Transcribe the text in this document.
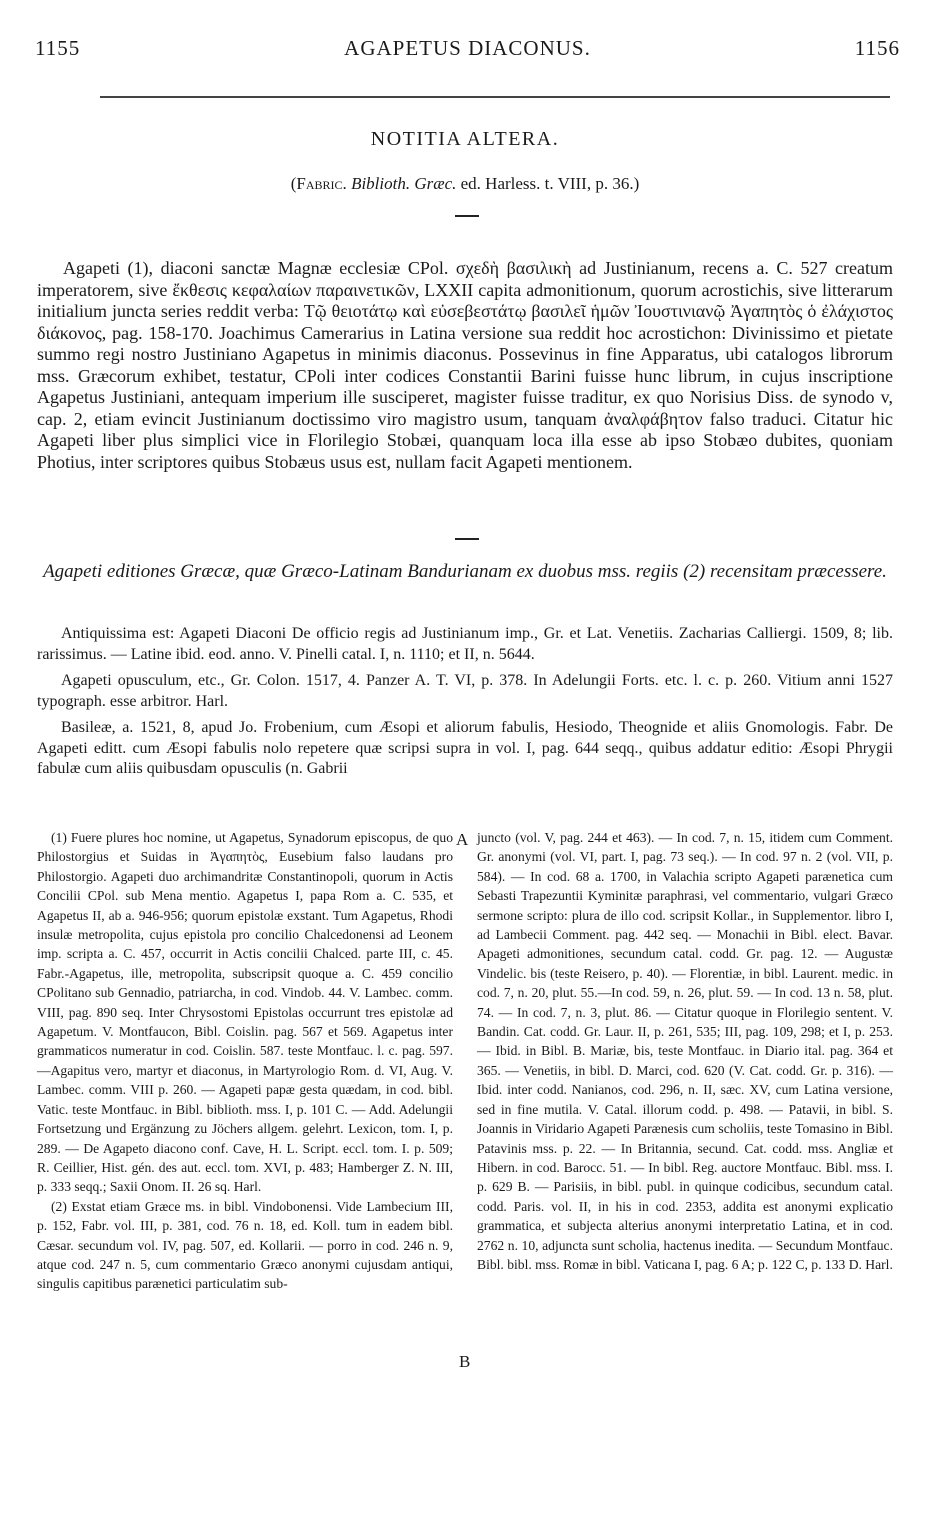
1155	AGAPETUS DIACONUS.	1156
NOTITIA ALTERA.
(Fabric. Biblioth. Græc. ed. Harless. t. VIII, p. 36.)

Agapeti (1), diaconi sanctæ Magnæ ecclesiæ CPol. σχεδὴ βασιλικὴ ad Justinianum, recens a. C. 527 creatum imperatorem, sive ἔκθεσις κεφαλαίων παραινετικῶν, LXXII capita admonitionum, quorum acrostichis, sive litterarum initialium juncta series reddit verba: Τῷ θειοτάτῳ καὶ εὐσεβεστάτῳ βασιλεῖ ἡμῶν Ἰουστινιανῷ Ἀγαπητὸς ὁ ἐλάχιστος διάκονος, pag. 158-170. Joachimus Camerarius in Latina versione sua reddit hoc acrostichon: Divinissimo et pietate summo regi nostro Justiniano Agapetus in minimis diaconus. Possevinus in fine Apparatus, ubi catalogos librorum mss. Græcorum exhibet, testatur, CPoli inter codices Constantii Barini fuisse hunc librum, in cujus inscriptione Agapetus Justiniani, antequam imperium ille susciperet, magister fuisse traditur, ex quo Norisius Diss. de synodo v, cap. 2, etiam evincit Justinianum doctissimo viro magistro usum, tanquam ἀναλφάβητον falso traduci. Citatur hic Agapeti liber plus simplici vice in Florilegio Stobæi, quanquam loca illa esse ab ipso Stobæo dubites, quoniam Photius, inter scriptores quibus Stobæus usus est, nullam facit Agapeti mentionem.

Agapeti editiones Græcæ, quæ Græco-Latinam Bandurianam ex duobus mss. regiis (2) recensitam præcessere.

Antiquissima est: Agapeti Diaconi De officio regis ad Justinianum imp., Gr. et Lat. Venetiis. Zacharias Calliergi. 1509, 8; lib. rarissimus. — Latine ibid. eod. anno. V. Pinelli catal. I, n. 1110; et II, n. 5644.

Agapeti opusculum, etc., Gr. Colon. 1517, 4. Panzer A. T. VI, p. 378. In Adelungii Forts. etc. l. c. p. 260. Vitium anni 1527 typograph. esse arbitror. Harl.

Basileæ, a. 1521, 8, apud Jo. Frobenium, cum Æsopi et aliorum fabulis, Hesiodo, Theognide et aliis Gnomologis. Fabr. De Agapeti editt. cum Æsopi fabulis nolo repetere quæ scripsi supra in vol. I, pag. 644 seqq., quibus addatur editio: Æsopi Phrygii fabulæ cum aliis quibusdam opusculis (n. Gabrii

(1) Fuere plures hoc nomine, ut Agapetus, Synadorum episcopus, de quo Philostorgius et Suidas in Ἀγαπητὸς, Eusebium falso laudans pro Philostorgio. Agapeti duo archimandritæ Constantinopoli, quorum in Actis Concilii CPol. sub Mena mentio. Agapetus I, papa Rom a. C. 535, et Agapetus II, ab a. 946-956; quorum epistolæ exstant. Tum Agapetus, Rhodi insulæ metropolita, cujus epistola pro concilio Chalcedonensi ad Leonem imp. scripta a. C. 457, occurrit in Actis concilii Chalced. parte III, c. 45. Fabr.-Agapetus, ille, metropolita, subscripsit quoque a. C. 459 concilio CPolitano sub Gennadio, patriarcha, in cod. Vindob. 44. V. Lambec. comm. VIII, pag. 890 seq. Inter Chrysostomi Epistolas occurrunt tres epistolæ ad Agapetum. V. Montfaucon, Bibl. Coislin. pag. 567 et 569. Agapetus inter grammaticos numeratur in cod. Coislin. 587. teste Montfauc. l. c. pag. 597.—Agapitus vero, martyr et diaconus, in Martyrologio Rom. d. VI, Aug. V. Lambec. comm. VIII p. 260. — Agapeti papæ gesta quædam, in cod. bibl. Vatic. teste Montfauc. in Bibl. biblioth. mss. I, p. 101 C. — Add. Adelungii Fortsetzung und Ergänzung zu Jöchers allgem. gelehrt. Lexicon, tom. I, p. 289. — De Agapeto diacono conf. Cave, H. L. Script. eccl. tom. I. p. 509; R. Ceillier, Hist. gén. des aut. eccl. tom. XVI, p. 483; Hamberger Z. N. III, p. 333 seqq.; Saxii Onom. II. 26 sq. Harl.

(2) Exstat etiam Græce ms. in bibl. Vindobonensi. Vide Lambecium III, p. 152, Fabr. vol. III, p. 381, cod. 76 n. 18, ed. Koll. tum in eadem bibl. Cæsar. secundum vol. IV, pag. 507, ed. Kollarii. — porro in cod. 246 n. 9, atque cod. 247 n. 5, cum commentario Græco anonymi cujusdam antiqui, singulis capitibus parænetici particulatim sub-

A
B

juncto (vol. V, pag. 244 et 463). — In cod. 7, n. 15, itidem cum Comment. Gr. anonymi (vol. VI, part. I, pag. 73 seq.). — In cod. 97 n. 2 (vol. VII, p. 584). — In cod. 68 a. 1700, in Valachia scripto Agapeti parænetica cum Sebasti Trapezuntii Kyminitæ paraphrasi, vel commentario, vulgari Græco sermone scripto: plura de illo cod. scripsit Kollar., in Supplementor. libro I, ad Lambecii Comment. pag. 442 seq. — Monachii in Bibl. elect. Bavar. Apageti admonitiones, secundum catal. codd. Gr. pag. 12. — Augustæ Vindelic. bis (teste Reisero, p. 40). — Florentiæ, in bibl. Laurent. medic. in cod. 7, n. 20, plut. 55.—In cod. 59, n. 26, plut. 59. — In cod. 13 n. 58, plut. 74. — In cod. 7, n. 3, plut. 86. — Citatur quoque in Florilegio sentent. V. Bandin. Cat. codd. Gr. Laur. II, p. 261, 535; III, pag. 109, 298; et I, p. 253. — Ibid. in Bibl. B. Mariæ, bis, teste Montfauc. in Diario ital. pag. 364 et 365. — Venetiis, in bibl. D. Marci, cod. 620 (V. Cat. codd. Gr. p. 316). — Ibid. inter codd. Nanianos, cod. 296, n. II, sæc. XV, cum Latina versione, sed in fine mutila. V. Catal. illorum codd. p. 498. — Patavii, in bibl. S. Joannis in Viridario Agapeti Parænesis cum scholiis, teste Tomasino in Bibl. Patavinis mss. p. 22. — In Britannia, secund. Cat. codd. mss. Angliæ et Hibern. in cod. Barocc. 51. — In bibl. Reg. auctore Montfauc. Bibl. mss. I. p. 629 B. — Parisiis, in bibl. publ. in quinque codicibus, secundum catal. codd. Paris. vol. II, in his in cod. 2353, addita est anonymi explicatio grammatica, et subjecta alterius anonymi interpretatio Latina, et in cod. 2762 n. 10, adjuncta sunt scholia, hactenus inedita. — Secundum Montfauc. Bibl. bibl. mss. Romæ in bibl. Vaticana I, pag. 6 A; p. 122 C, p. 133 D. Harl.
